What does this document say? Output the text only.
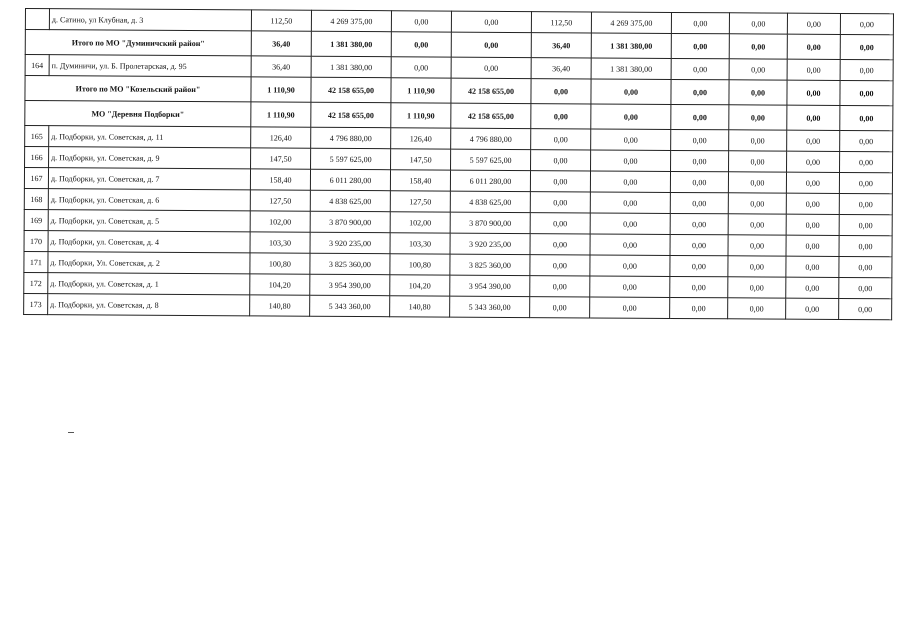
	д. Сатино, ул Клубная, д. 3	112,50	4 269 375,00	0,00	0,00	112,50	4 269 375,00	0,00	0,00	0,00	0,00
Итого по МО "Думиничский район"		36,40	1 381 380,00	0,00	0,00	36,40	1 381 380,00	0,00	0,00	0,00	0,00
164	п. Думиничи, ул. Б. Пролетарская, д. 95	36,40	1 381 380,00	0,00	0,00	36,40	1 381 380,00	0,00	0,00	0,00	0,00
Итого по МО "Козельский район"		1 110,90	42 158 655,00	1 110,90	42 158 655,00	0,00	0,00	0,00	0,00	0,00	0,00
МО "Деревня Подборки"		1 110,90	42 158 655,00	1 110,90	42 158 655,00	0,00	0,00	0,00	0,00	0,00	0,00
165	д. Подборки, ул. Советская, д. 11	126,40	4 796 880,00	126,40	4 796 880,00	0,00	0,00	0,00	0,00	0,00	0,00
166	д. Подборки, ул. Советская, д. 9	147,50	5 597 625,00	147,50	5 597 625,00	0,00	0,00	0,00	0,00	0,00	0,00
167	д. Подборки, ул. Советская, д. 7	158,40	6 011 280,00	158,40	6 011 280,00	0,00	0,00	0,00	0,00	0,00	0,00
168	д. Подборки, ул. Советская, д. 6	127,50	4 838 625,00	127,50	4 838 625,00	0,00	0,00	0,00	0,00	0,00	0,00
169	д. Подборки, ул. Советская, д. 5	102,00	3 870 900,00	102,00	3 870 900,00	0,00	0,00	0,00	0,00	0,00	0,00
170	д. Подборки, ул. Советская, д. 4	103,30	3 920 235,00	103,30	3 920 235,00	0,00	0,00	0,00	0,00	0,00	0,00
171	д. Подборки, Ул. Советская, д. 2	100,80	3 825 360,00	100,80	3 825 360,00	0,00	0,00	0,00	0,00	0,00	0,00
172	д. Подборки, ул. Советская, д. 1	104,20	3 954 390,00	104,20	3 954 390,00	0,00	0,00	0,00	0,00	0,00	0,00
173	д. Подборки, ул. Советская, д. 8	140,80	5 343 360,00	140,80	5 343 360,00	0,00	0,00	0,00	0,00	0,00	0,00
